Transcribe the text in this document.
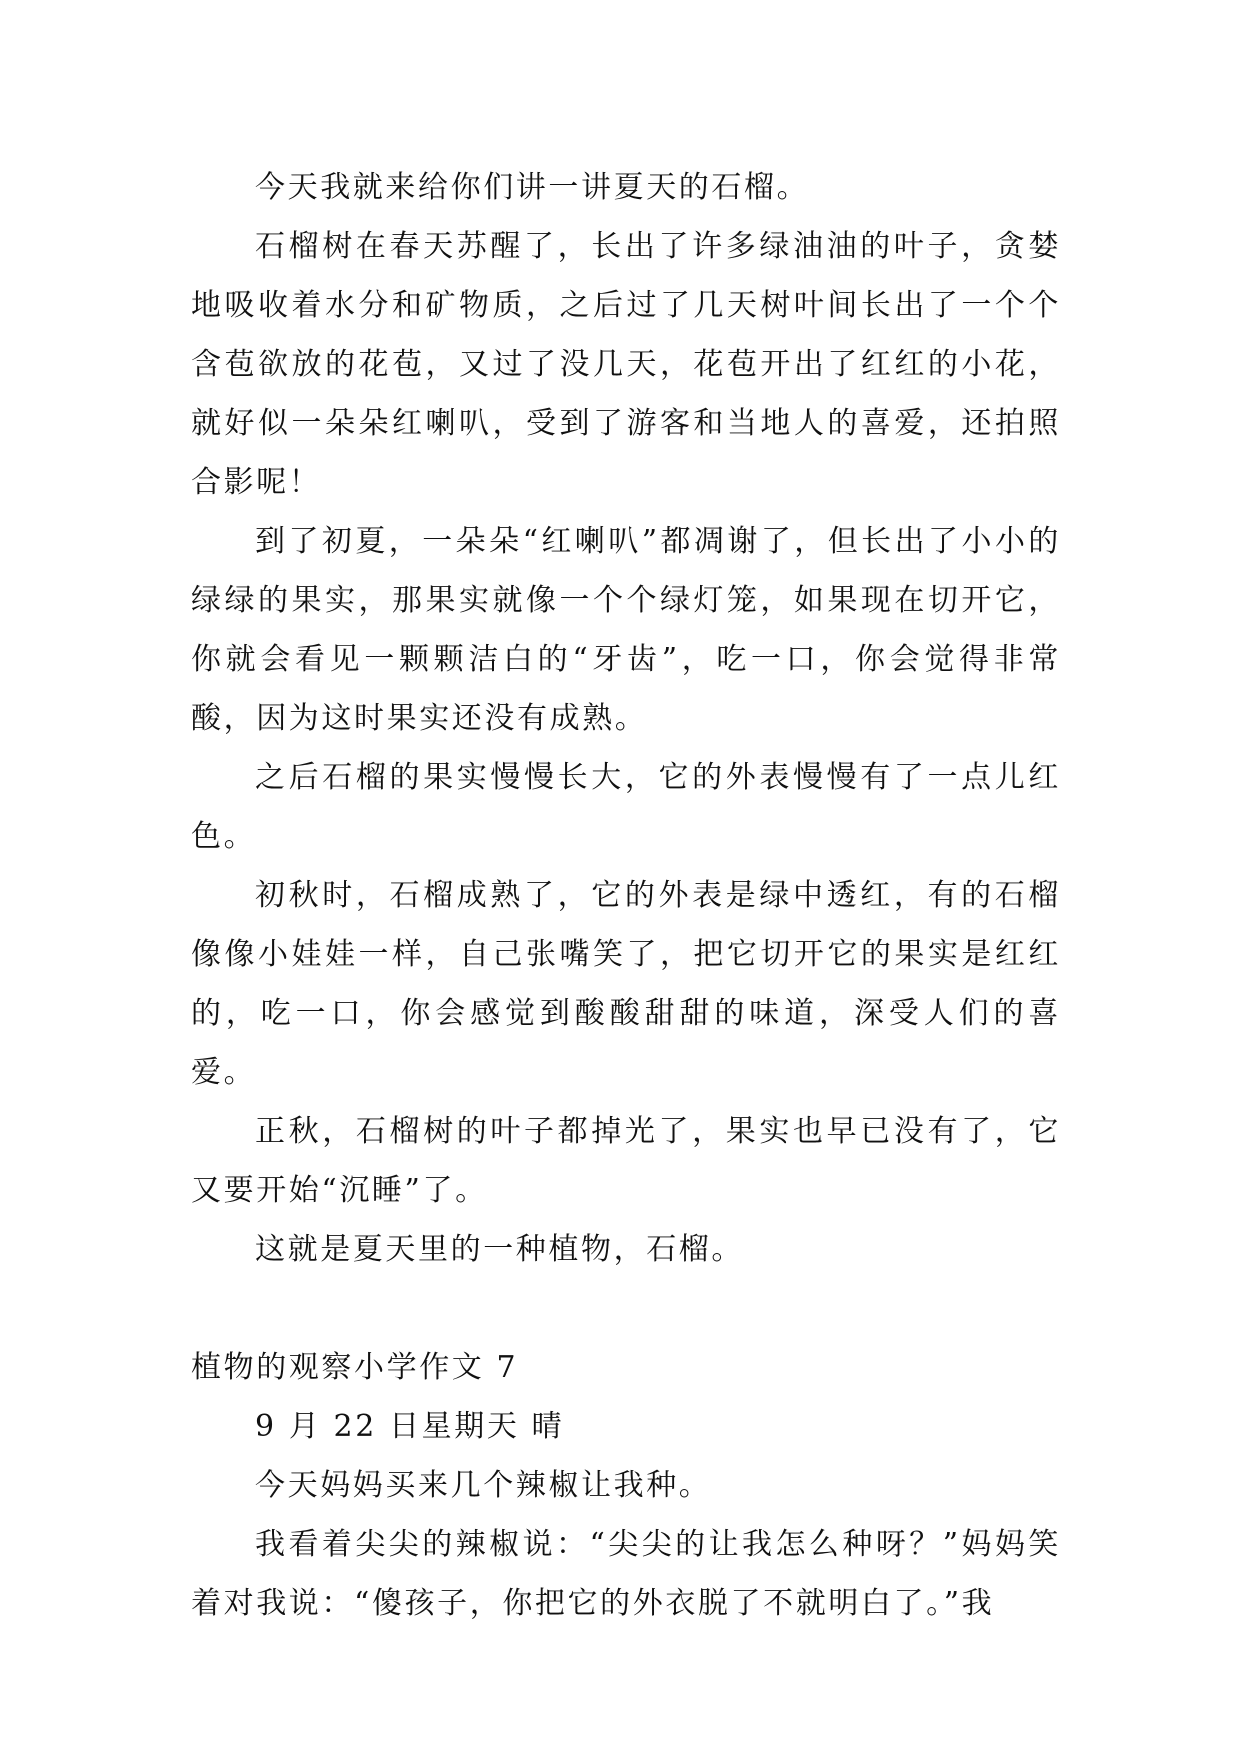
今天我就来给你们讲一讲夏天的石榴。

石榴树在春天苏醒了，长出了许多绿油油的叶子，贪婪地吸收着水分和矿物质，之后过了几天树叶间长出了一个个含苞欲放的花苞，又过了没几天，花苞开出了红红的小花，就好似一朵朵红喇叭，受到了游客和当地人的喜爱，还拍照合影呢！

到了初夏，一朵朵“红喇叭”都凋谢了，但长出了小小的绿绿的果实，那果实就像一个个绿灯笼，如果现在切开它，你就会看见一颗颗洁白的“牙齿”，吃一口，你会觉得非常酸，因为这时果实还没有成熟。

之后石榴的果实慢慢长大，它的外表慢慢有了一点儿红色。

初秋时，石榴成熟了，它的外表是绿中透红，有的石榴像像小娃娃一样，自己张嘴笑了，把它切开它的果实是红红的，吃一口，你会感觉到酸酸甜甜的味道，深受人们的喜爱。

正秋，石榴树的叶子都掉光了，果实也早已没有了，它又要开始“沉睡”了。

这就是夏天里的一种植物，石榴。

植物的观察小学作文 7

9 月 22 日星期天 晴

今天妈妈买来几个辣椒让我种。

我看着尖尖的辣椒说：“尖尖的让我怎么种呀？”妈妈笑着对我说：“傻孩子，你把它的外衣脱了不就明白了。”我
